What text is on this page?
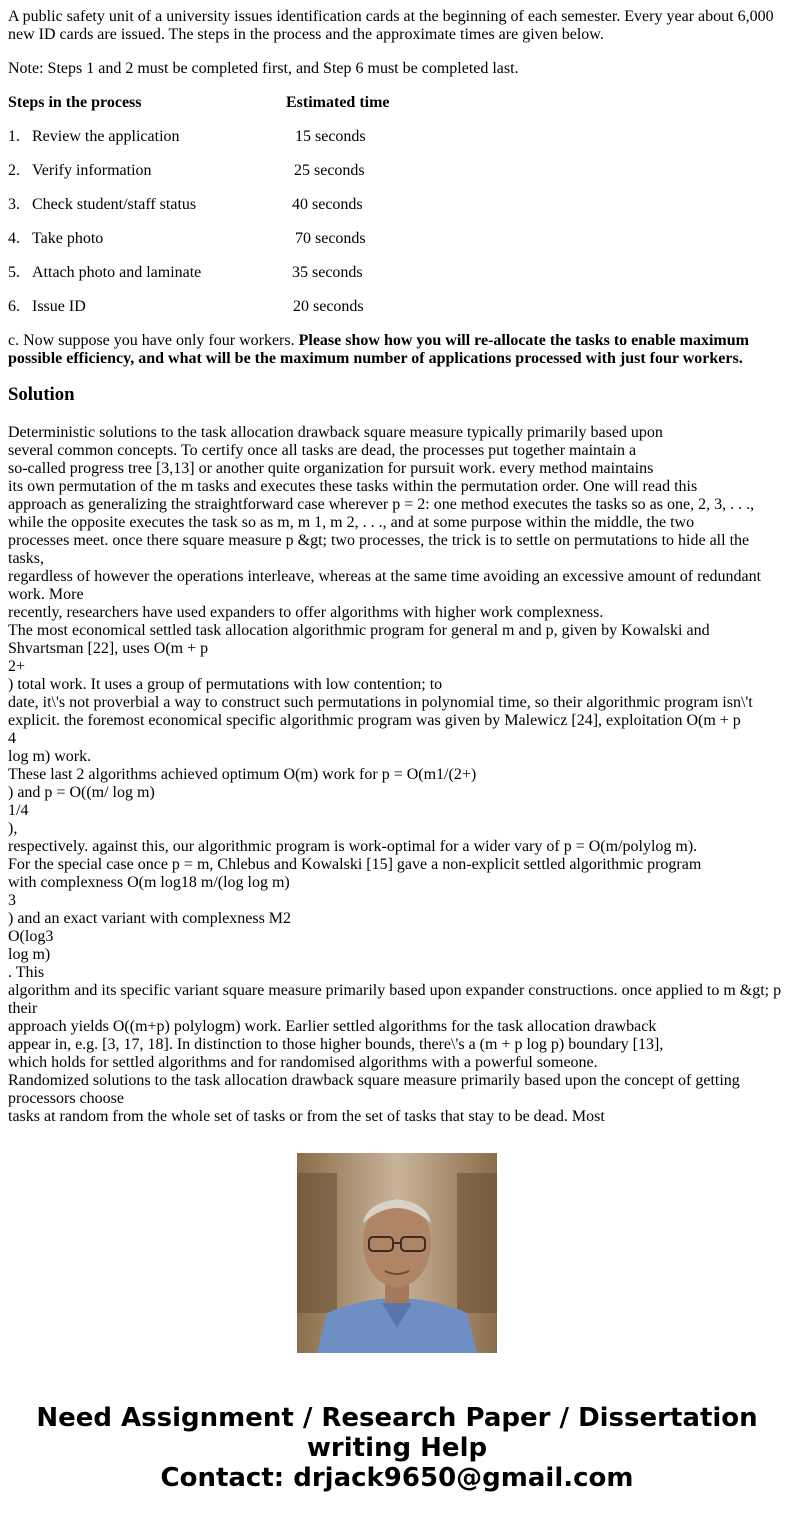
A public safety unit of a university issues identification cards at the beginning of each semester. Every year about 6,000 new ID cards are issued. The steps in the process and the approximate times are given below.

Note: Steps 1 and 2 must be completed first, and Step 6 must be completed last.

Steps in the process	Estimated time
1. Review the application	15 seconds
2. Verify information	25 seconds
3. Check student/staff status	40 seconds
4. Take photo	70 seconds
5. Attach photo and laminate	35 seconds
6. Issue ID	20 seconds

c. Now suppose you have only four workers. Please show how you will re-allocate the tasks to enable maximum possible efficiency, and what will be the maximum number of applications processed with just four workers.

Solution
Deterministic solutions to the task allocation drawback square measure typically primarily based upon
several common concepts. To certify once all tasks are dead, the processes put together maintain a
so-called progress tree [3,13] or another quite organization for pursuit work. every method maintains
its own permutation of the m tasks and executes these tasks within the permutation order. One will read this
approach as generalizing the straightforward case wherever p = 2: one method executes the tasks so as one, 2, 3, . . .,
while the opposite executes the task so as m, m 1, m 2, . . ., and at some purpose within the middle, the two
processes meet. once there square measure p &gt; two processes, the trick is to settle on permutations to hide all the tasks,
regardless of however the operations interleave, whereas at the same time avoiding an excessive amount of redundant work. More
recently, researchers have used expanders to offer algorithms with higher work complexness.
The most economical settled task allocation algorithmic program for general m and p, given by Kowalski and
Shvartsman [22], uses O(m + p
2+
) total work. It uses a group of permutations with low contention; to
date, it\'s not proverbial a way to construct such permutations in polynomial time, so their algorithmic program isn\'t
explicit. the foremost economical specific algorithmic program was given by Malewicz [24], exploitation O(m + p
4
log m) work.
These last 2 algorithms achieved optimum O(m) work for p = O(m1/(2+)
) and p = O((m/ log m)
1/4
),
respectively. against this, our algorithmic program is work-optimal for a wider vary of p = O(m/polylog m).
For the special case once p = m, Chlebus and Kowalski [15] gave a non-explicit settled algorithmic program
with complexness O(m log18 m/(log log m)
3
) and an exact variant with complexness M2
O(log3
log m)
. This
algorithm and its specific variant square measure primarily based upon expander constructions. once applied to m &gt; p their
approach yields O((m+p) polylogm) work. Earlier settled algorithms for the task allocation drawback
appear in, e.g. [3, 17, 18]. In distinction to those higher bounds, there\'s a (m + p log p) boundary [13],
which holds for settled algorithms and for randomised algorithms with a powerful someone.
Randomized solutions to the task allocation drawback square measure primarily based upon the concept of getting processors choose
tasks at random from the whole set of tasks or from the set of tasks that stay to be dead. Most
Need Assignment / Research Paper / Dissertation writing Help
Contact: drjack9650@gmail.com
